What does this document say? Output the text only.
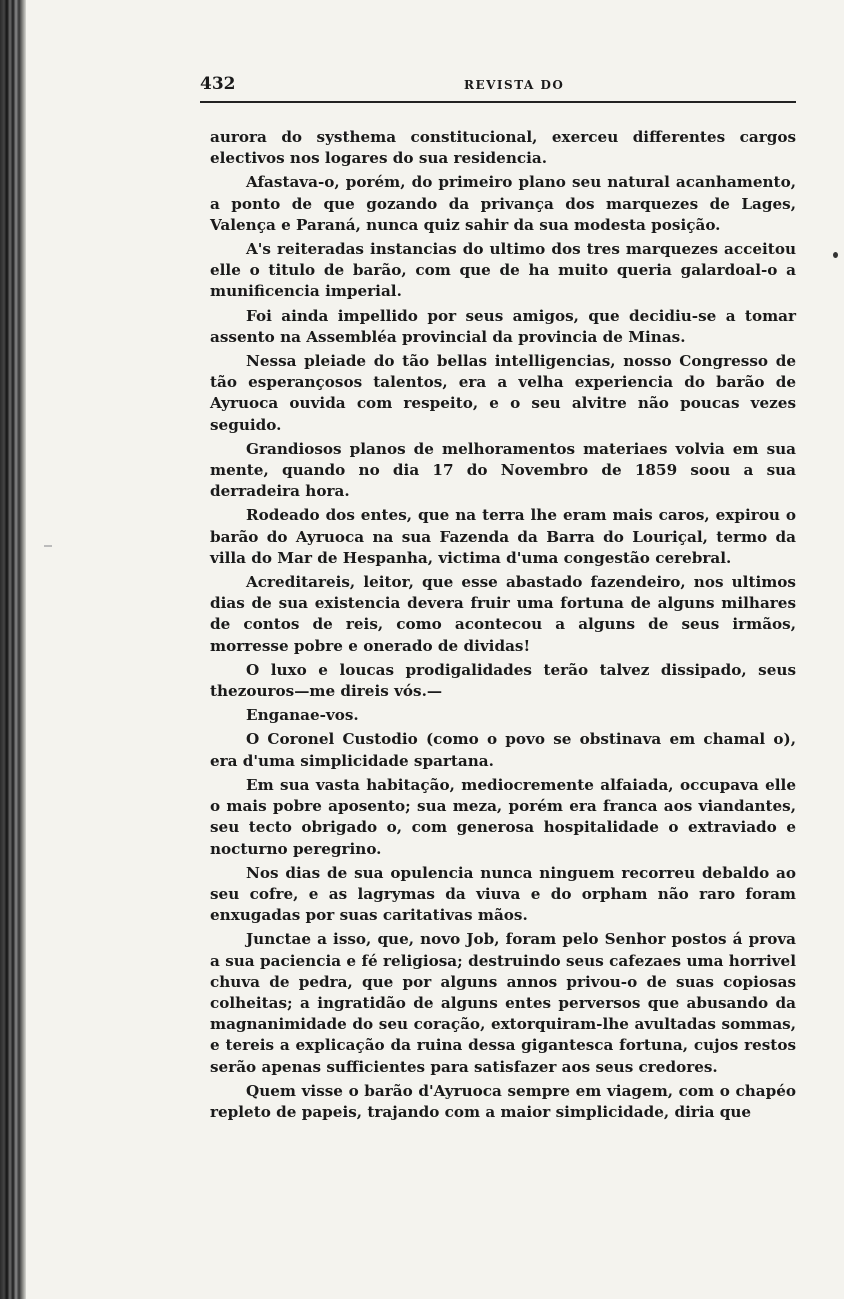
432	REVISTA DO

aurora do systhema constitucional, exerceu differentes cargos electivos nos logares do sua residencia.

Afastava-o, porém, do primeiro plano seu natural acanhamento, a ponto de que gozando da privança dos marquezes de Lages, Valença e Paraná, nunca quiz sahir da sua modesta posição.

A's reiteradas instancias do ultimo dos tres marquezes acceitou elle o titulo de barão, com que de ha muito queria galardoal-o a munificencia imperial.

Foi ainda impellido por seus amigos, que decidiu-se a tomar assento na Assembléa provincial da provincia de Minas.

Nessa pleiade do tão bellas intelligencias, nosso Congresso de tão esperançosos talentos, era a velha experiencia do barão de Ayruoca ouvida com respeito, e o seu alvitre não poucas vezes seguido.

Grandiosos planos de melhoramentos materiaes volvia em sua mente, quando no dia 17 do Novembro de 1859 soou a sua derradeira hora.

Rodeado dos entes, que na terra lhe eram mais caros, expirou o barão do Ayruoca na sua Fazenda da Barra do Louriçal, termo da villa do Mar de Hespanha, victima d'uma congestão cerebral.

Acreditareis, leitor, que esse abastado fazendeiro, nos ultimos dias de sua existencia devera fruir uma fortuna de alguns milhares de contos de reis, como acontecou a alguns de seus irmãos, morresse pobre e onerado de dividas!

O luxo e loucas prodigalidades terão talvez dissipado, seus thezouros—me direis vós.—

Enganae-vos.

O Coronel Custodio (como o povo se obstinava em chamal o), era d'uma simplicidade spartana.

Em sua vasta habitação, mediocremente alfaiada, occupava elle o mais pobre aposento; sua meza, porém era franca aos viandantes, seu tecto obrigado o, com generosa hospitalidade o extraviado e nocturno peregrino.

Nos dias de sua opulencia nunca ninguem recorreu debaldo ao seu cofre, e as lagrymas da viuva e do orpham não raro foram enxugadas por suas caritativas mãos.

Junctae a isso, que, novo Job, foram pelo Senhor postos á prova a sua paciencia e fé religiosa; destruindo seus cafezaes uma horrivel chuva de pedra, que por alguns annos privou-o de suas copiosas colheitas; a ingratidão de alguns entes perversos que abusando da magnanimidade do seu coração, extorquiram-lhe avultadas sommas, e tereis a explicação da ruina dessa gigantesca fortuna, cujos restos serão apenas sufficientes para satisfazer aos seus credores.

Quem visse o barão d'Ayruoca sempre em viagem, com o chapéo repleto de papeis, trajando com a maior simplicidade, diria que
